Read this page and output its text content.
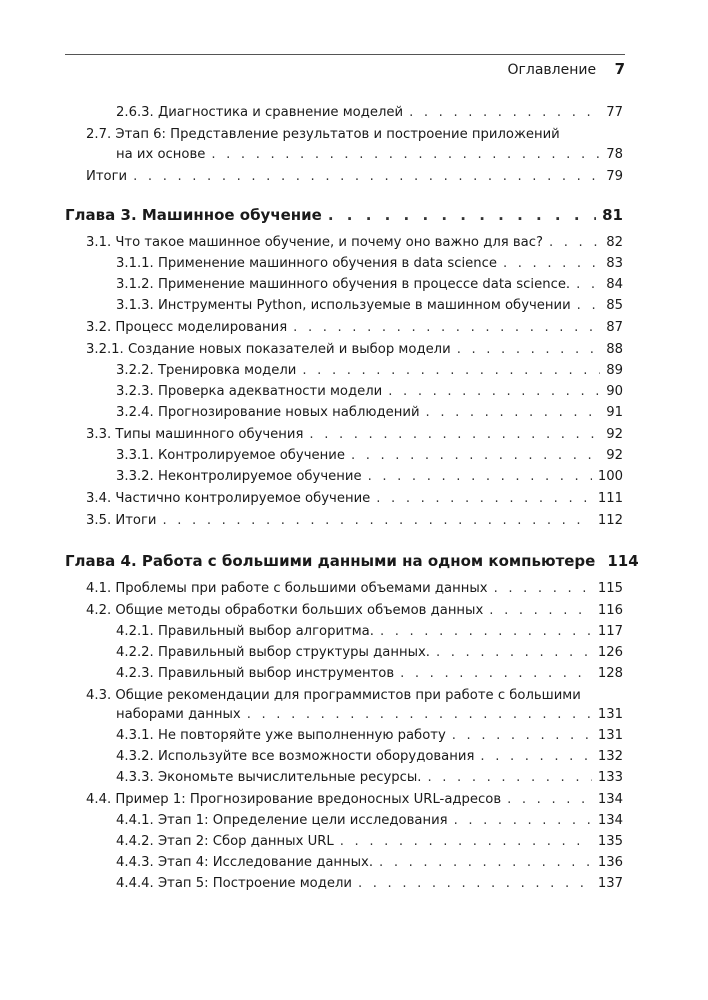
Оглавление 7
2.6.3. Диагностика и сравнение моделей . . .	77
2.7. Этап 6: Представление результатов и построение приложений
на их основе . . .	78
Итоги . . .	79
Глава 3. Машинное обучение . . .	81
3.1. Что такое машинное обучение, и почему оно важно для вас? . . .	82
3.1.1. Применение машинного обучения в data science . . .	83
3.1.2. Применение машинного обучения в процессе data science. . . .	84
3.1.3. Инструменты Python, используемые в машинном обучении . . .	85
3.2. Процесс моделирования . . .	87
3.2.1. Создание новых показателей и выбор модели . . .	88
3.2.2. Тренировка модели . . .	89
3.2.3. Проверка адекватности модели . . .	90
3.2.4. Прогнозирование новых наблюдений . . .	91
3.3. Типы машинного обучения . . .	92
3.3.1. Контролируемое обучение . . .	92
3.3.2. Неконтролируемое обучение . . .	100
3.4. Частично контролируемое обучение . . .	111
3.5. Итоги . . .	112
Глава 4. Работа с большими данными на одном компьютере 114
4.1. Проблемы при работе с большими объемами данных . . .	115
4.2. Общие методы обработки больших объемов данных . . .	116
4.2.1. Правильный выбор алгоритма. . . .	117
4.2.2. Правильный выбор структуры данных. . . .	126
4.2.3. Правильный выбор инструментов . . .	128
4.3. Общие рекомендации для программистов при работе с большими
наборами данных . . .	131
4.3.1. Не повторяйте уже выполненную работу . . .	131
4.3.2. Используйте все возможности оборудования . . .	132
4.3.3. Экономьте вычислительные ресурсы. . . .	133
4.4. Пример 1: Прогнозирование вредоносных URL-адресов . . .	134
4.4.1. Этап 1: Определение цели исследования . . .	134
4.4.2. Этап 2: Сбор данных URL . . .	135
4.4.3. Этап 4: Исследование данных. . . .	136
4.4.4. Этап 5: Построение модели . . .	137
